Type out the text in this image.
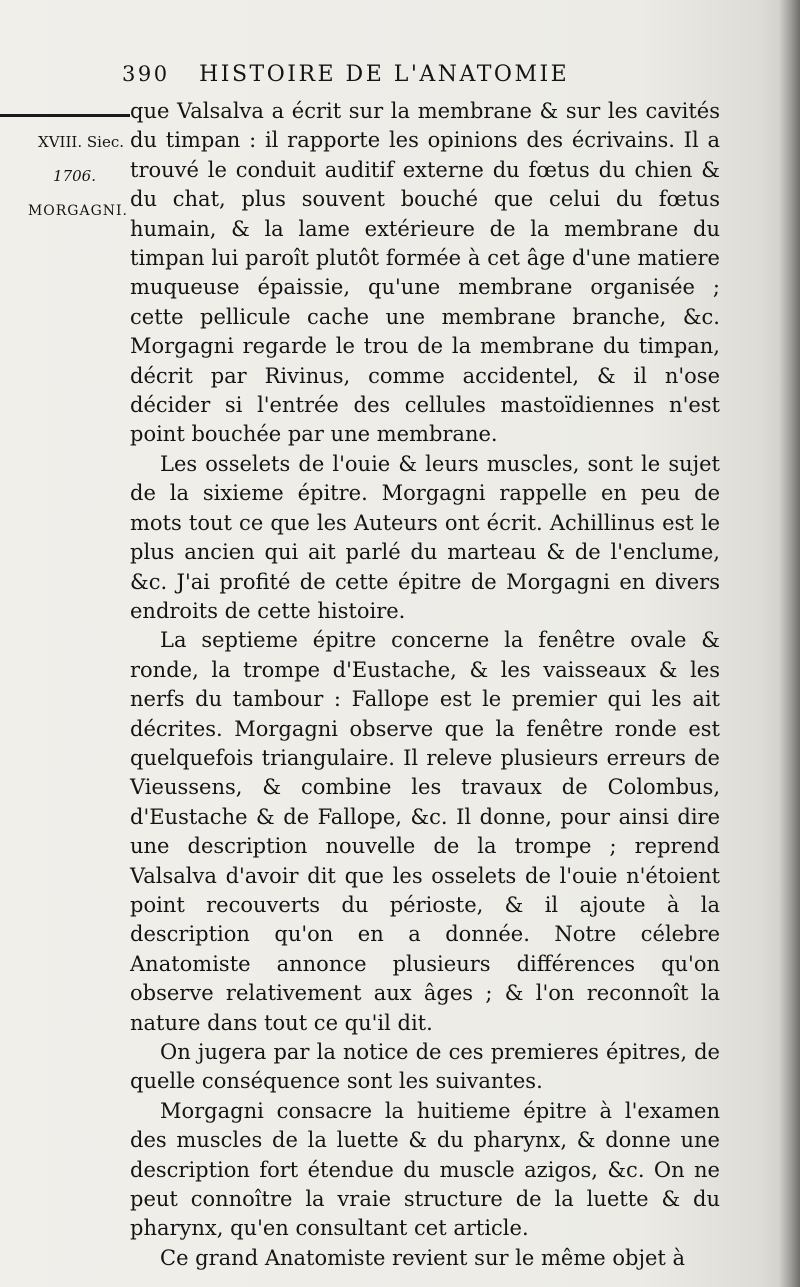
390 HISTOIRE DE L'ANATOMIE
XVIII. Siec.
1706.
MORGAGNI.

que Valsalva a écrit sur la membrane & sur les cavités du timpan : il rapporte les opinions des écrivains. Il a trouvé le conduit auditif externe du fœtus du chien & du chat, plus souvent bouché que celui du fœtus humain, & la lame extérieure de la membrane du timpan lui paroît plutôt formée à cet âge d'une matiere muqueuse épaissie, qu'une membrane organisée ; cette pellicule cache une membrane branche, &c. Morgagni regarde le trou de la membrane du timpan, décrit par Rivinus, comme accidentel, & il n'ose décider si l'entrée des cellules mastoïdiennes n'est point bouchée par une membrane.

Les osselets de l'ouie & leurs muscles, sont le sujet de la sixieme épitre. Morgagni rappelle en peu de mots tout ce que les Auteurs ont écrit. Achillinus est le plus ancien qui ait parlé du marteau & de l'enclume, &c. J'ai profité de cette épitre de Morgagni en divers endroits de cette histoire.

La septieme épitre concerne la fenêtre ovale & ronde, la trompe d'Eustache, & les vaisseaux & les nerfs du tambour : Fallope est le premier qui les ait décrites. Morgagni observe que la fenêtre ronde est quelquefois triangulaire. Il releve plusieurs erreurs de Vieussens, & combine les travaux de Colombus, d'Eustache & de Fallope, &c. Il donne, pour ainsi dire une description nouvelle de la trompe ; reprend Valsalva d'avoir dit que les osselets de l'ouie n'étoient point recouverts du périoste, & il ajoute à la description qu'on en a donnée. Notre célebre Anatomiste annonce plusieurs différences qu'on observe relativement aux âges ; & l'on reconnoît la nature dans tout ce qu'il dit.

On jugera par la notice de ces premieres épitres, de quelle conséquence sont les suivantes.

Morgagni consacre la huitieme épitre à l'examen des muscles de la luette & du pharynx, & donne une description fort étendue du muscle azigos, &c. On ne peut connoître la vraie structure de la luette & du pharynx, qu'en consultant cet article.

Ce grand Anatomiste revient sur le même objet à
